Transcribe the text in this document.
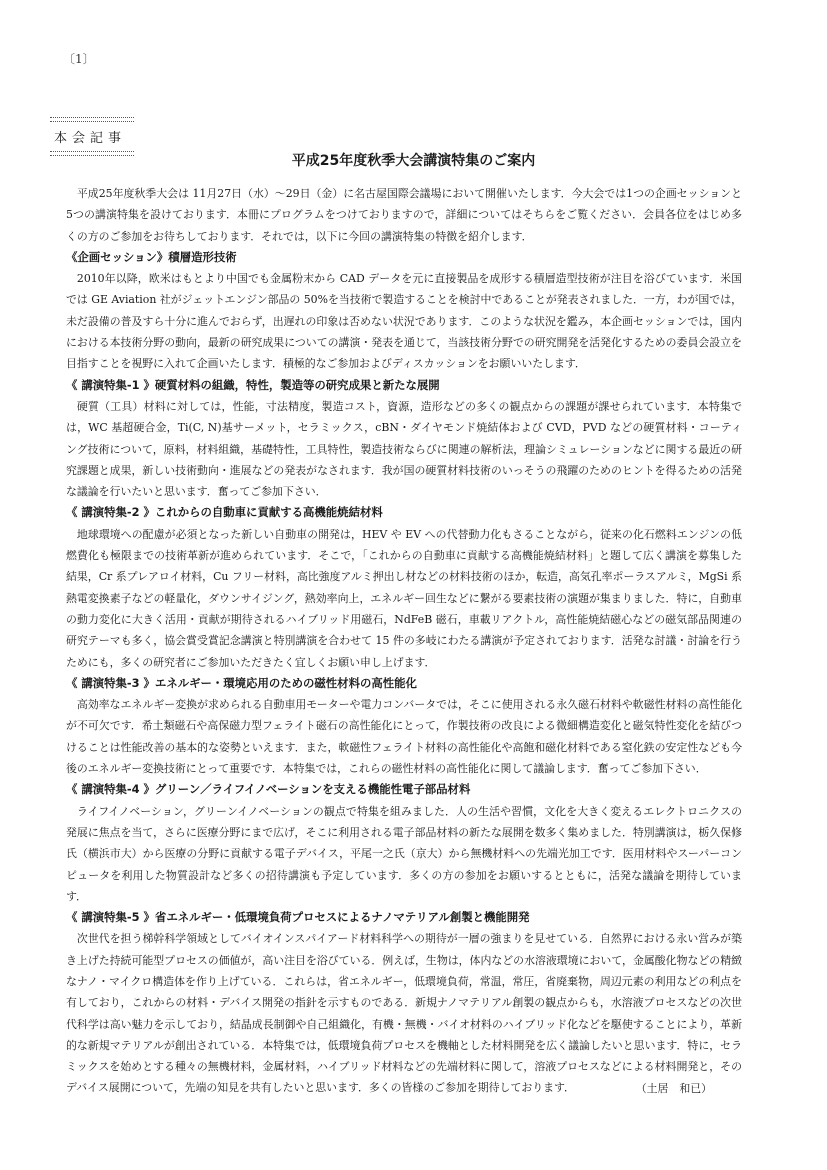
〔1〕
本会記事
平成25年度秋季大会講演特集のご案内

平成25年度秋季大会は 11月27日（水）～29日（金）に名古屋国際会議場において開催いたします．今大会では1つの企画セッションと5つの講演特集を設けております．本冊にプログラムをつけておりますので，詳細についてはそちらをご覧ください．会員各位をはじめ多くの方のご参加をお待ちしております．それでは，以下に今回の講演特集の特徴を紹介します．

《企画セッション》積層造形技術

2010年以降，欧米はもとより中国でも金属粉末から CAD データを元に直接製品を成形する積層造型技術が注目を浴びています．米国では GE Aviation 社がジェットエンジン部品の 50%を当技術で製造することを検討中であることが発表されました．一方，わが国では，未だ設備の普及すら十分に進んでおらず，出遅れの印象は否めない状況であります．このような状況を鑑み，本企画セッションでは，国内における本技術分野の動向，最新の研究成果についての講演・発表を通じて，当該技術分野での研究開発を活発化するための委員会設立を目指すことを視野に入れて企画いたします．積極的なご参加およびディスカッションをお願いいたします．

《 講演特集-1 》硬質材料の組織，特性，製造等の研究成果と新たな展開

硬質（工具）材料に対しては，性能，寸法精度，製造コスト，資源，造形などの多くの観点からの課題が課せられています．本特集では，WC 基超硬合金，Ti(C, N)基サーメット，セラミックス，cBN・ダイヤモンド焼結体および CVD，PVD などの硬質材料・コーティング技術について，原料，材料組織，基礎特性，工具特性，製造技術ならびに関連の解析法，理論シミュレーションなどに関する最近の研究課題と成果，新しい技術動向・進展などの発表がなされます．我が国の硬質材料技術のいっそうの飛躍のためのヒントを得るための活発な議論を行いたいと思います．奮ってご参加下さい．

《 講演特集-2 》これからの自動車に貢献する高機能焼結材料

地球環境への配慮が必須となった新しい自動車の開発は，HEV や EV への代替動力化もさることながら，従来の化石燃料エンジンの低燃費化も極限までの技術革新が進められています．そこで，「これからの自動車に貢献する高機能焼結材料」と題して広く講演を募集した結果，Cr 系プレアロイ材料，Cu フリー材料，高比強度アルミ押出し材などの材料技術のほか，転造，高気孔率ポーラスアルミ，MgSi 系熱電変換素子などの軽量化，ダウンサイジング，熱効率向上，エネルギー回生などに繋がる要素技術の演題が集まりました．特に，自動車の動力変化に大きく活用・貢献が期待されるハイブリッド用磁石，NdFeB 磁石，車載リアクトル，高性能焼結磁心などの磁気部品関連の研究テーマも多く，協会賞受賞記念講演と特別講演を合わせて 15 件の多岐にわたる講演が予定されております．活発な討議・討論を行うためにも，多くの研究者にご参加いただきたく宜しくお願い申し上げます．

《 講演特集-3 》エネルギー・環境応用のための磁性材料の高性能化

高効率なエネルギー変換が求められる自動車用モーターや電力コンバータでは，そこに使用される永久磁石材料や軟磁性材料の高性能化が不可欠です．希土類磁石や高保磁力型フェライト磁石の高性能化にとって，作製技術の改良による微細構造変化と磁気特性変化を結びつけることは性能改善の基本的な姿勢といえます．また，軟磁性フェライト材料の高性能化や高飽和磁化材料である窒化鉄の安定性なども今後のエネルギー変換技術にとって重要です．本特集では，これらの磁性材料の高性能化に関して議論します．奮ってご参加下さい．

《 講演特集-4 》グリーン／ライフイノベーションを支える機能性電子部品材料

ライフイノベーション，グリーンイノベーションの観点で特集を組みました．人の生活や習慣，文化を大きく変えるエレクトロニクスの発展に焦点を当て，さらに医療分野にまで広げ，そこに利用される電子部品材料の新たな展開を数多く集めました．特別講演は，栃久保修氏（横浜市大）から医療の分野に貢献する電子デバイス，平尾一之氏（京大）から無機材料への先端光加工です．医用材料やスーパーコンピュータを利用した物質設計など多くの招待講演も予定しています．多くの方の参加をお願いするとともに，活発な議論を期待しています．

《 講演特集-5 》省エネルギー・低環境負荷プロセスによるナノマテリアル創製と機能開発

次世代を担う梯幹科学領域としてバイオインスパイアード材料科学への期待が一層の強まりを見せている．自然界における永い営みが築き上げた持続可能型プロセスの価値が，高い注目を浴びている．例えば，生物は，体内などの水溶液環境において，金属酸化物などの精緻なナノ・マイクロ構造体を作り上げている．これらは，省エネルギー，低環境負荷，常温，常圧，省廃棄物，周辺元素の利用などの利点を有しており，これからの材料・デバイス開発の指針を示すものである．新規ナノマテリアル創製の観点からも，水溶液プロセスなどの次世代科学は高い魅力を示しており，結晶成長制御や自己組織化，有機・無機・バイオ材料のハイブリッド化などを駆使することにより，革新的な新規マテリアルが創出されている．本特集では，低環境負荷プロセスを機軸とした材料開発を広く議論したいと思います．特に，セラミックスを始めとする種々の無機材料，金属材料，ハイブリッド材料などの先端材料に関して，溶液プロセスなどによる材料開発と，そのデバイス展開について，先端の知見を共有したいと思います．多くの皆様のご参加を期待しております．	（土居　和已）
